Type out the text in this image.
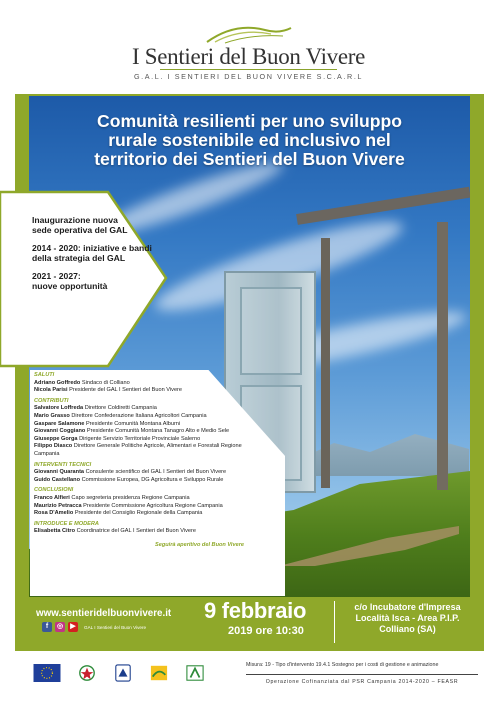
I Sentieri del Buon Vivere
G.A.L. I SENTIERI DEL BUON VIVERE S.C.A.R.L
Comunità resilienti per uno sviluppo
rurale sostenibile ed inclusivo nel
territorio dei Sentieri del Buon Vivere
Inaugurazione nuova
sede operativa del GAL
2014 - 2020: iniziative e bandi
della strategia del GAL
2021 - 2027:
nuove opportunità
SALUTI
Adriano Goffredo Sindaco di Colliano
Nicola Parisi Presidente del GAL I Sentieri del Buon Vivere
CONTRIBUTI
Salvatore Loffreda Direttore Coldiretti Campania
Mario Grasso Direttore Confederazione Italiana Agricoltori Campania
Gaspare Salamone Presidente Comunità Montana Alburni
Giovanni Coggiano Presidente Comunità Montana Tanagro Alto e Medio Sele
Giuseppe Gorga Dirigente Servizio Territoriale Provinciale Salerno
Filippo Diasco Direttore Generale Politiche Agricole, Alimentari e Forestali Regione
Campania
INTERVENTI TECNICI
Giovanni Quaranta Consulente scientifico del GAL I Sentieri del Buon Vivere
Guido Castellano Commissione Europea, DG Agricoltura e Sviluppo Rurale
CONCLUSIONI
Franco Alfieri Capo segreteria presidenza Regione Campania
Maurizio Petracca Presidente Commissione Agricoltura Regione Campania
Rosa D'Amelio Presidente del Consiglio Regionale della Campania
INTRODUCE E MODERA
Elisabetta Citro Coordinatrice del GAL I Sentieri del Buon Vivere
Seguirà aperitivo del Buon Vivere
www.sentieridelbuonvivere.it
f	◎	▶	GAL I Sentieri del Buon Vivere
9 febbraio
2019 ore 10:30
c/o Incubatore d'Impresa
Località Isca - Area P.I.P.
Colliano (SA)
Misura: 19 - Tipo d'intervento 19.4.1 Sostegno per i costi di gestione e animazione
Operazione Cofinanziata dal PSR Campania 2014-2020 – FEASR
